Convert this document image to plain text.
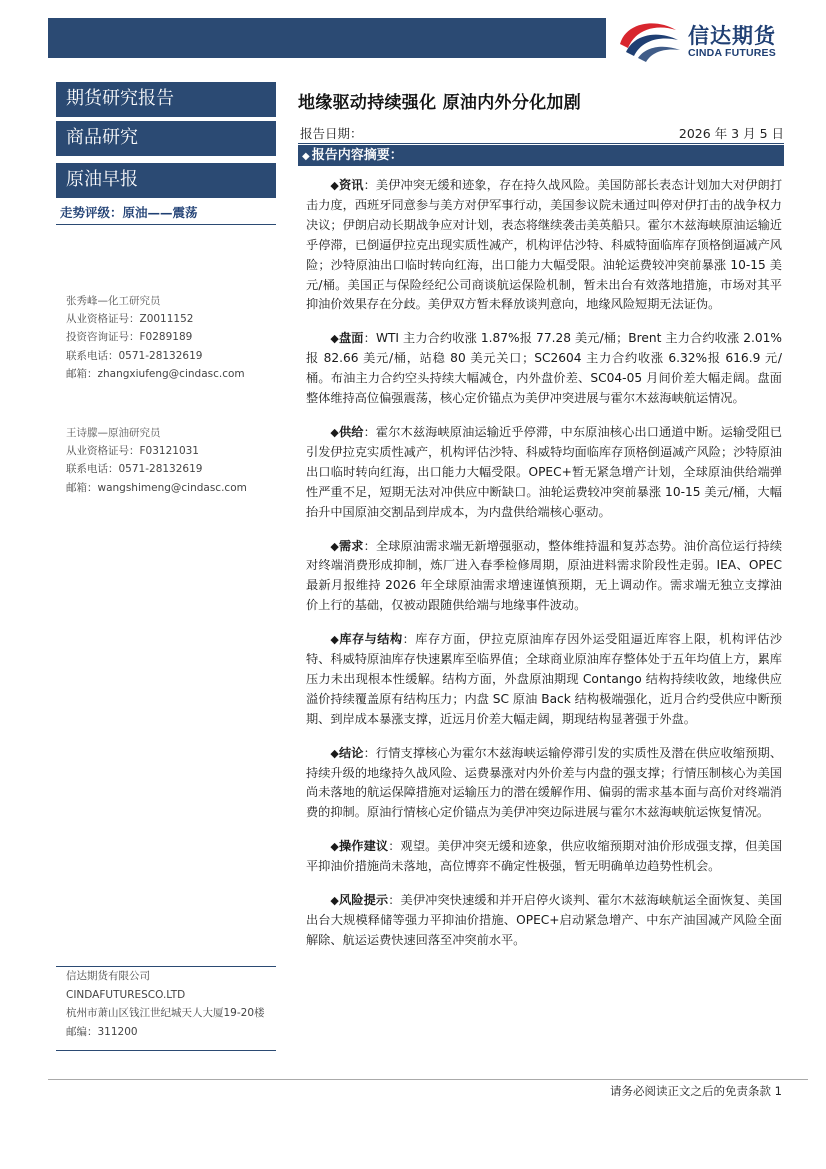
信达期货
CINDA FUTURES
期货研究报告
商品研究
原油早报
走势评级：原油——震荡
张秀峰—化工研究员
从业资格证号：Z0011152
投资咨询证号：F0289189
联系电话：0571-28132619
邮箱：zhangxiufeng@cindasc.com
王诗朦—原油研究员
从业资格证号：F03121031
联系电话：0571-28132619
邮箱：wangshimeng@cindasc.com
信达期货有限公司
CINDAFUTURESCO.LTD
杭州市萧山区钱江世纪城天人大厦19-20楼
邮编：311200
地缘驱动持续强化 原油内外分化加剧
报告日期：	2026 年 3 月 5 日
◆ 报告内容摘要：

◆资讯：美伊冲突无缓和迹象，存在持久战风险。美国防部长表态计划加大对伊朗打击力度，西班牙同意参与美方对伊军事行动，美国参议院未通过叫停对伊打击的战争权力决议；伊朗启动长期战争应对计划，表态将继续袭击美英船只。霍尔木兹海峡原油运输近乎停滞，已倒逼伊拉克出现实质性减产，机构评估沙特、科威特面临库存顶格倒逼减产风险；沙特原油出口临时转向红海，出口能力大幅受限。油轮运费较冲突前暴涨 10-15 美元/桶。美国正与保险经纪公司商谈航运保险机制，暂未出台有效落地措施，市场对其平抑油价效果存在分歧。美伊双方暂未释放谈判意向，地缘风险短期无法证伪。

◆盘面：WTI 主力合约收涨 1.87%报 77.28 美元/桶；Brent 主力合约收涨 2.01%报 82.66 美元/桶，站稳 80 美元关口；SC2604 主力合约收涨 6.32%报 616.9 元/桶。布油主力合约空头持续大幅减仓，内外盘价差、SC04-05 月间价差大幅走阔。盘面整体维持高位偏强震荡，核心定价锚点为美伊冲突进展与霍尔木兹海峡航运情况。

◆供给：霍尔木兹海峡原油运输近乎停滞，中东原油核心出口通道中断。运输受阻已引发伊拉克实质性减产，机构评估沙特、科威特均面临库存顶格倒逼减产风险；沙特原油出口临时转向红海，出口能力大幅受限。OPEC+暂无紧急增产计划，全球原油供给端弹性严重不足，短期无法对冲供应中断缺口。油轮运费较冲突前暴涨 10-15 美元/桶，大幅抬升中国原油交割品到岸成本，为内盘供给端核心驱动。

◆需求：全球原油需求端无新增强驱动，整体维持温和复苏态势。油价高位运行持续对终端消费形成抑制，炼厂进入春季检修周期，原油进料需求阶段性走弱。IEA、OPEC 最新月报维持 2026 年全球原油需求增速谨慎预期，无上调动作。需求端无独立支撑油价上行的基础，仅被动跟随供给端与地缘事件波动。

◆库存与结构：库存方面，伊拉克原油库存因外运受阻逼近库容上限，机构评估沙特、科威特原油库存快速累库至临界值；全球商业原油库存整体处于五年均值上方，累库压力未出现根本性缓解。结构方面，外盘原油期现 Contango 结构持续收敛，地缘供应溢价持续覆盖原有结构压力；内盘 SC 原油 Back 结构极端强化，近月合约受供应中断预期、到岸成本暴涨支撑，近远月价差大幅走阔，期现结构显著强于外盘。

◆结论：行情支撑核心为霍尔木兹海峡运输停滞引发的实质性及潜在供应收缩预期、持续升级的地缘持久战风险、运费暴涨对内外价差与内盘的强支撑；行情压制核心为美国尚未落地的航运保障措施对运输压力的潜在缓解作用、偏弱的需求基本面与高价对终端消费的抑制。原油行情核心定价锚点为美伊冲突边际进展与霍尔木兹海峡航运恢复情况。

◆操作建议：观望。美伊冲突无缓和迹象，供应收缩预期对油价形成强支撑，但美国平抑油价措施尚未落地，高位博弈不确定性极强，暂无明确单边趋势性机会。

◆风险提示：美伊冲突快速缓和并开启停火谈判、霍尔木兹海峡航运全面恢复、美国出台大规模释储等强力平抑油价措施、OPEC+启动紧急增产、中东产油国减产风险全面解除、航运运费快速回落至冲突前水平。

请务必阅读正文之后的免责条款 1
